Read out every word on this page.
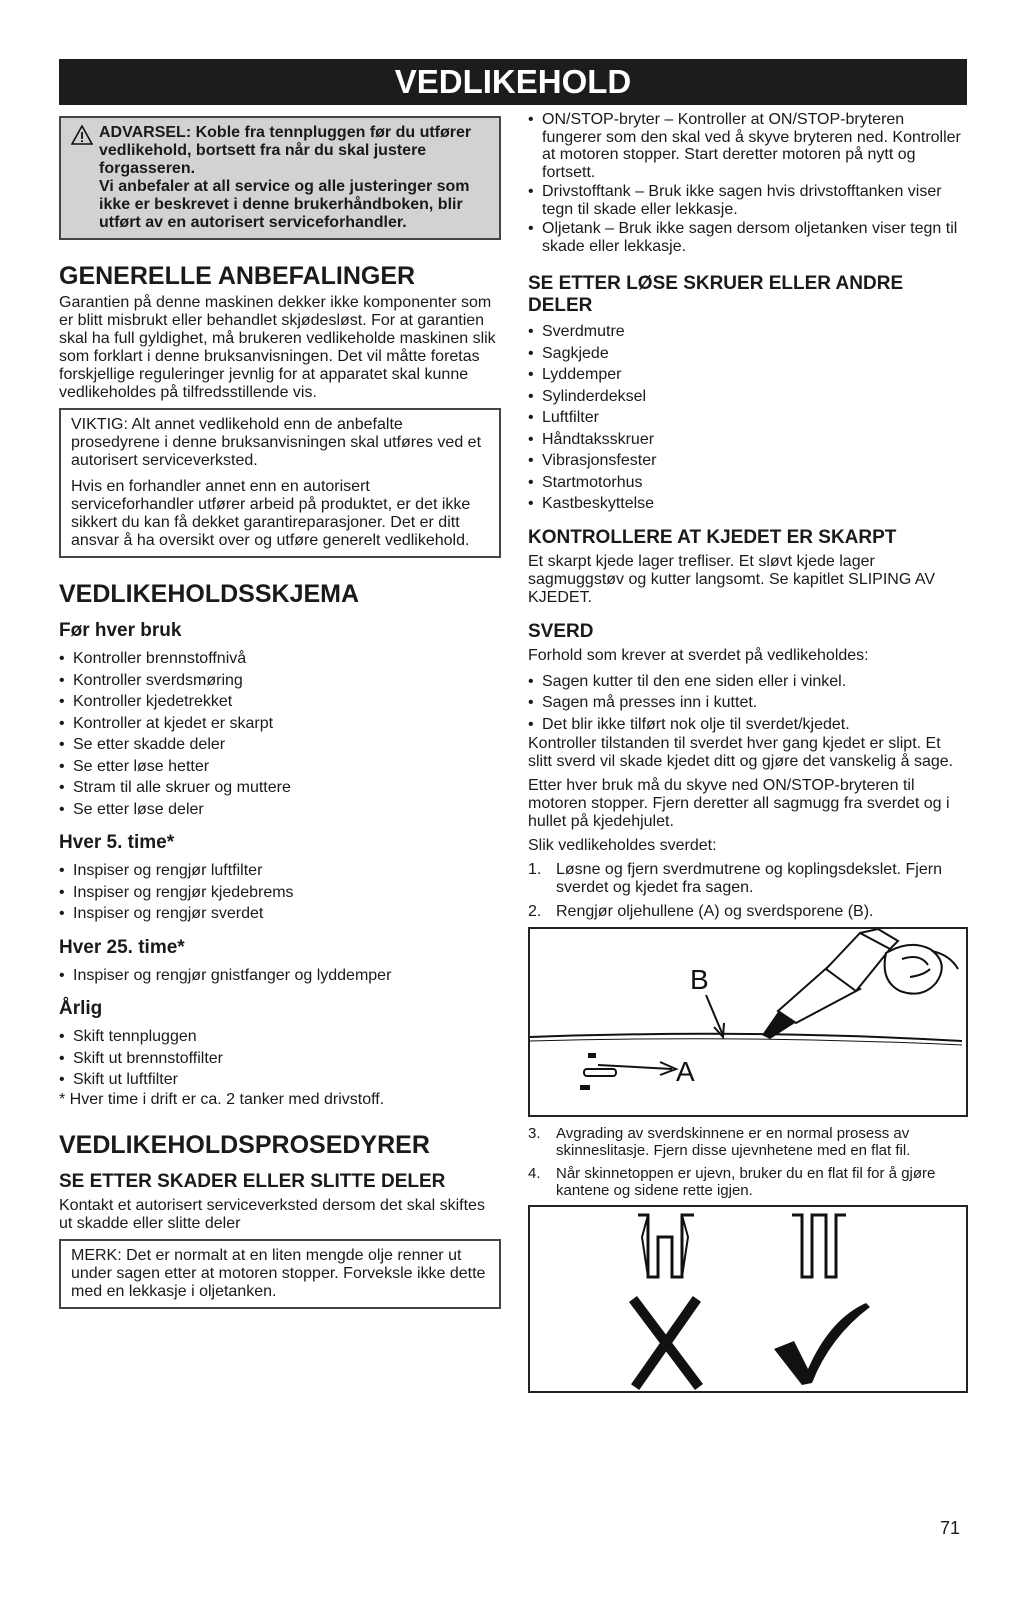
VEDLIKEHOLD

ADVARSEL: Koble fra tennpluggen før du utfører vedlikehold, bortsett fra når du skal justere forgasseren.

Vi anbefaler at all service og alle justeringer som ikke er beskrevet i denne brukerhåndboken, blir utført av en autorisert serviceforhandler.

GENERELLE ANBEFALINGER

Garantien på denne maskinen dekker ikke komponenter som er blitt misbrukt eller behandlet skjødesløst. For at garantien skal ha full gyldighet, må brukeren vedlikeholde maskinen slik som forklart i denne bruksanvisningen. Det vil måtte foretas forskjellige reguleringer jevnlig for at apparatet skal kunne vedlikeholdes på tilfredsstillende vis.

VIKTIG: Alt annet vedlikehold enn de anbefalte prosedyrene i denne bruksanvisningen skal utføres ved et autorisert serviceverksted.

Hvis en forhandler annet enn en autorisert serviceforhandler utfører arbeid på produktet, er det ikke sikkert du kan få dekket garantireparasjoner. Det er ditt ansvar å ha oversikt over og utføre generelt vedlikehold.

VEDLIKEHOLDSSKJEMA
Før hver bruk
• Kontroller brennstoffnivå
• Kontroller sverdsmøring
• Kontroller kjedetrekket
• Kontroller at kjedet er skarpt
• Se etter skadde deler
• Se etter løse hetter
• Stram til alle skruer og muttere
• Se etter løse deler
Hver 5. time*
• Inspiser og rengjør luftfilter
• Inspiser og rengjør kjedebrems
• Inspiser og rengjør sverdet
Hver 25. time*
• Inspiser og rengjør gnistfanger og lyddemper
Årlig
• Skift tennpluggen
• Skift ut brennstoffilter
• Skift ut luftfilter

* Hver time i drift er ca. 2 tanker med drivstoff.

VEDLIKEHOLDSPROSEDYRER
SE ETTER SKADER ELLER SLITTE DELER

Kontakt et autorisert serviceverksted dersom det skal skiftes ut skadde eller slitte deler

MERK: Det er normalt at en liten mengde olje renner ut under sagen etter at motoren stopper. Forveksle ikke dette med en lekkasje i oljetanken.

• ON/STOP-bryter – Kontroller at ON/STOP-bryteren fungerer som den skal ved å skyve bryteren ned. Kontroller at motoren stopper. Start deretter motoren på nytt og fortsett.
• Drivstofftank – Bruk ikke sagen hvis drivstofftanken viser tegn til skade eller lekkasje.
• Oljetank – Bruk ikke sagen dersom oljetanken viser tegn til skade eller lekkasje.
SE ETTER LØSE SKRUER ELLER ANDRE DELER
• Sverdmutre
• Sagkjede
• Lyddemper
• Sylinderdeksel
• Luftfilter
• Håndtaksskruer
• Vibrasjonsfester
• Startmotorhus
• Kastbeskyttelse
KONTROLLERE AT KJEDET ER SKARPT

Et skarpt kjede lager trefliser. Et sløvt kjede lager sagmuggstøv og kutter langsomt. Se kapitlet SLIPING AV KJEDET.

SVERD

Forhold som krever at sverdet på vedlikeholdes:

• Sagen kutter til den ene siden eller i vinkel.
• Sagen må presses inn i kuttet.
• Det blir ikke tilført nok olje til sverdet/kjedet.

Kontroller tilstanden til sverdet hver gang kjedet er slipt. Et slitt sverd vil skade kjedet ditt og gjøre det vanskelig å sage.

Etter hver bruk må du skyve ned ON/STOP-bryteren til motoren stopper. Fjern deretter all sagmugg fra sverdet og i hullet på kjedehjulet.

Slik vedlikeholdes sverdet:

1. Løsne og fjern sverdmutrene og koplingsdekslet. Fjern sverdet og kjedet fra sagen.
2. Rengjør oljehullene (A) og sverdsporene (B).
A
B
3. Avgrading av sverdskinnene er en normal prosess av skinneslitasje. Fjern disse ujevnhetene med en flat fil.
4. Når skinnetoppen er ujevn, bruker du en flat fil for å gjøre kantene og sidene rette igjen.
71
